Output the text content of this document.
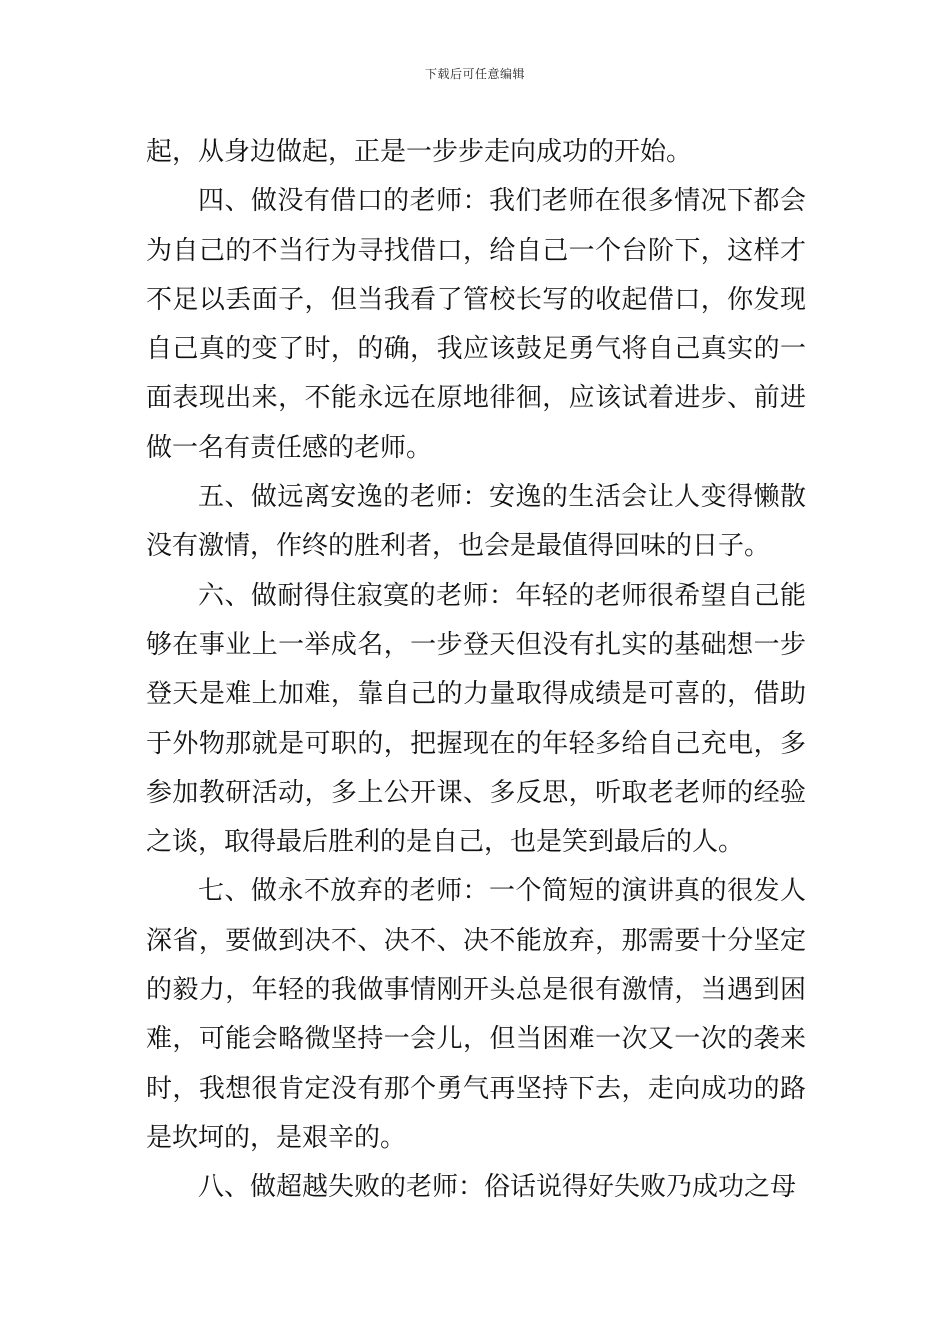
下载后可任意编辑

起，从身边做起，正是一步步走向成功的开始。

四、做没有借口的老师：我们老师在很多情况下都会为自己的不当行为寻找借口，给自己一个台阶下，这样才不足以丢面子，但当我看了管校长写的收起借口，你发现自己真的变了时，的确，我应该鼓足勇气将自己真实的一面表现出来，不能永远在原地徘徊，应该试着进步、前进做一名有责任感的老师。

五、做远离安逸的老师：安逸的生活会让人变得懒散没有激情，作终的胜利者，也会是最值得回味的日子。

六、做耐得住寂寞的老师：年轻的老师很希望自己能够在事业上一举成名，一步登天但没有扎实的基础想一步登天是难上加难，靠自己的力量取得成绩是可喜的，借助于外物那就是可职的，把握现在的年轻多给自己充电，多参加教研活动，多上公开课、多反思，听取老老师的经验之谈，取得最后胜利的是自己，也是笑到最后的人。

七、做永不放弃的老师：一个简短的演讲真的很发人深省，要做到决不、决不、决不能放弃，那需要十分坚定的毅力，年轻的我做事情刚开头总是很有激情，当遇到困难，可能会略微坚持一会儿，但当困难一次又一次的袭来时，我想很肯定没有那个勇气再坚持下去，走向成功的路是坎坷的，是艰辛的。

八、做超越失败的老师：俗话说得好失败乃成功之母
